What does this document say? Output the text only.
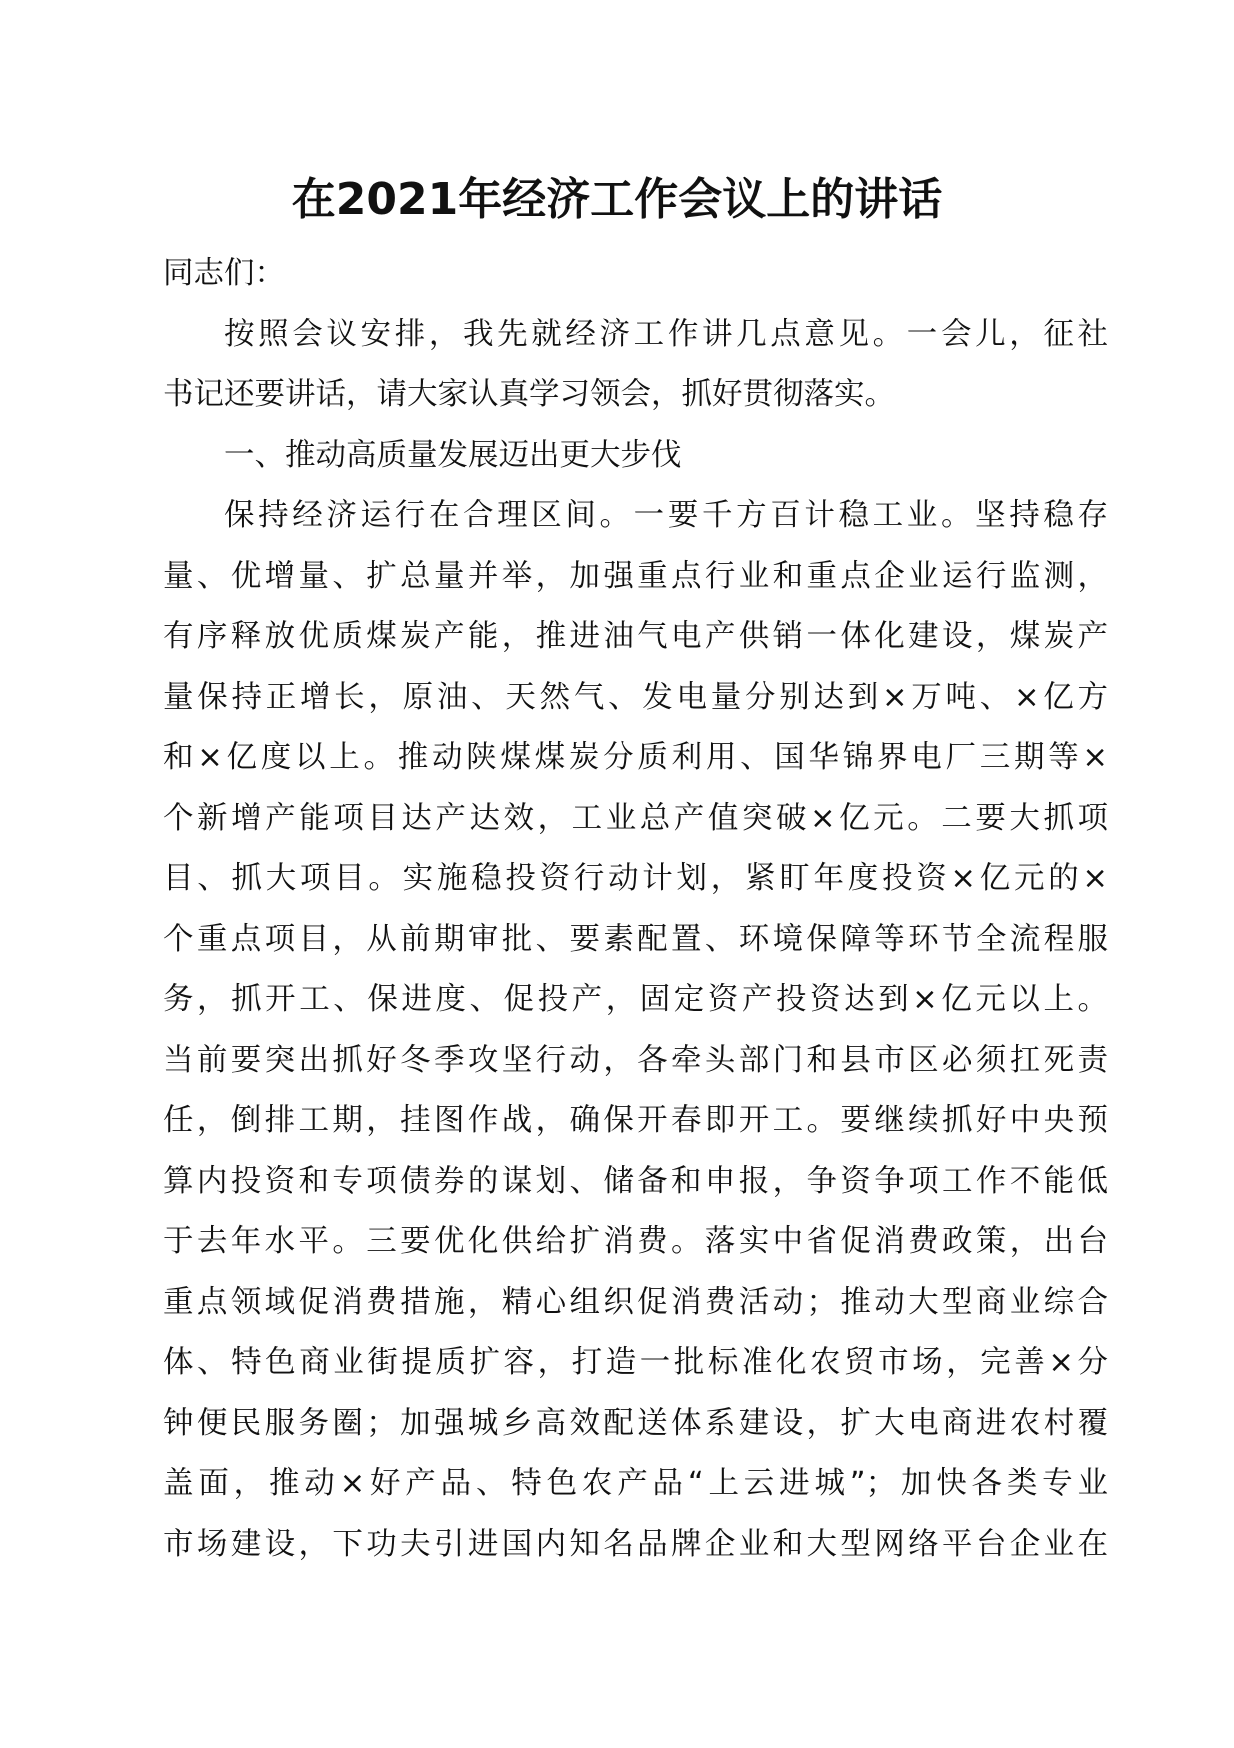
在2021年经济工作会议上的讲话
同志们：
按照会议安排，我先就经济工作讲几点意见。一会儿，征社
书记还要讲话，请大家认真学习领会，抓好贯彻落实。
一、推动高质量发展迈出更大步伐
保持经济运行在合理区间。一要千方百计稳工业。坚持稳存
量、优增量、扩总量并举，加强重点行业和重点企业运行监测，
有序释放优质煤炭产能，推进油气电产供销一体化建设，煤炭产
量保持正增长，原油、天然气、发电量分别达到×万吨、×亿方
和×亿度以上。推动陕煤煤炭分质利用、国华锦界电厂三期等×
个新增产能项目达产达效，工业总产值突破×亿元。二要大抓项
目、抓大项目。实施稳投资行动计划，紧盯年度投资×亿元的×
个重点项目，从前期审批、要素配置、环境保障等环节全流程服
务，抓开工、保进度、促投产，固定资产投资达到×亿元以上。
当前要突出抓好冬季攻坚行动，各牵头部门和县市区必须扛死责
任，倒排工期，挂图作战，确保开春即开工。要继续抓好中央预
算内投资和专项债券的谋划、储备和申报，争资争项工作不能低
于去年水平。三要优化供给扩消费。落实中省促消费政策，出台
重点领域促消费措施，精心组织促消费活动；推动大型商业综合
体、特色商业街提质扩容，打造一批标准化农贸市场，完善×分
钟便民服务圈；加强城乡高效配送体系建设，扩大电商进农村覆
盖面，推动×好产品、特色农产品“上云进城”；加快各类专业
市场建设，下功夫引进国内知名品牌企业和大型网络平台企业在
